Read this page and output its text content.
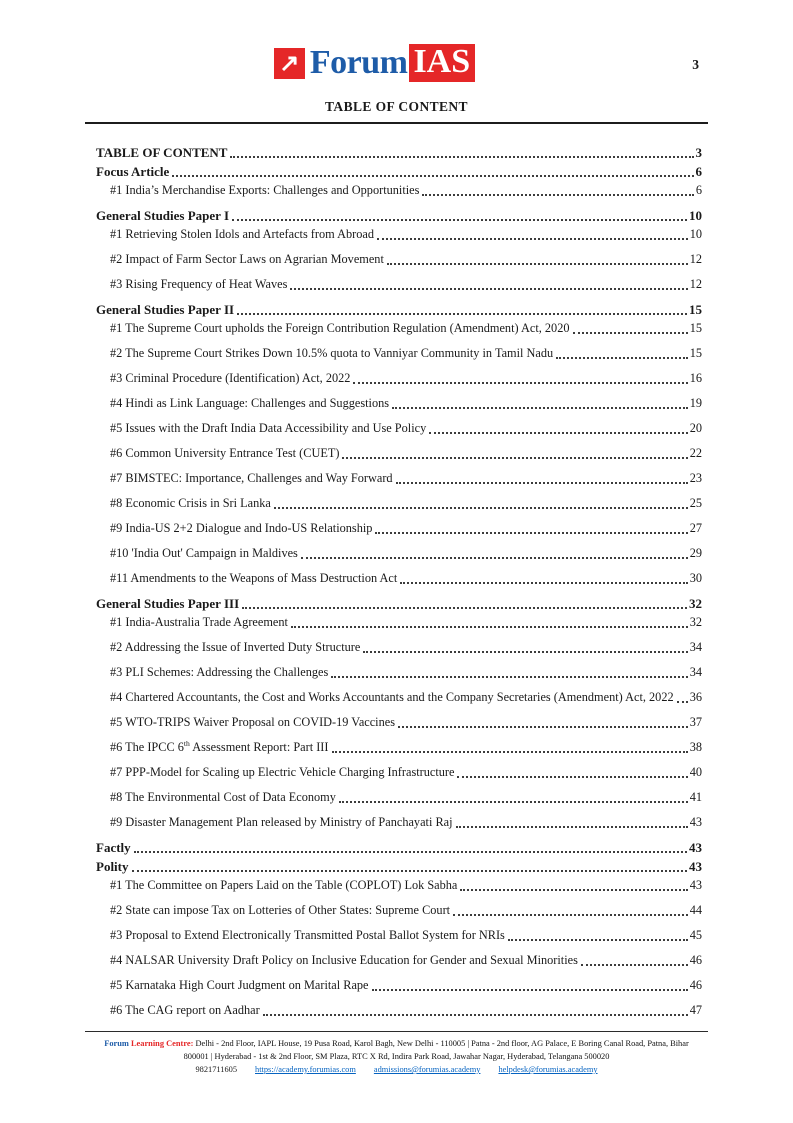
↗ Forum IAS	3
TABLE OF CONTENT
TABLE OF CONTENT	3
Focus Article	6
#1 India’s Merchandise Exports: Challenges and Opportunities	6
General Studies Paper I	10
#1 Retrieving Stolen Idols and Artefacts from Abroad	10
#2 Impact of Farm Sector Laws on Agrarian Movement	12
#3 Rising Frequency of Heat Waves	12
General Studies Paper II	15
#1 The Supreme Court upholds the Foreign Contribution Regulation (Amendment) Act, 2020	15
#2 The Supreme Court Strikes Down 10.5% quota to Vanniyar Community in Tamil Nadu	15
#3 Criminal Procedure (Identification) Act, 2022	16
#4 Hindi as Link Language: Challenges and Suggestions	19
#5 Issues with the Draft India Data Accessibility and Use Policy	20
#6 Common University Entrance Test (CUET)	22
#7 BIMSTEC: Importance, Challenges and Way Forward	23
#8 Economic Crisis in Sri Lanka	25
#9 India-US 2+2 Dialogue and Indo-US Relationship	27
#10 'India Out' Campaign in Maldives	29
#11 Amendments to the Weapons of Mass Destruction Act	30
General Studies Paper III	32
#1 India-Australia Trade Agreement	32
#2 Addressing the Issue of Inverted Duty Structure	34
#3 PLI Schemes: Addressing the Challenges	34
#4 Chartered Accountants, the Cost and Works Accountants and the Company Secretaries (Amendment) Act, 2022 36
#5 WTO-TRIPS Waiver Proposal on COVID-19 Vaccines	37
#6 The IPCC 6th Assessment Report: Part III	38
#7 PPP-Model for Scaling up Electric Vehicle Charging Infrastructure	40
#8 The Environmental Cost of Data Economy	41
#9 Disaster Management Plan released by Ministry of Panchayati Raj	43
Factly	43
Polity	43
#1 The Committee on Papers Laid on the Table (COPLOT) Lok Sabha	43
#2 State can impose Tax on Lotteries of Other States: Supreme Court	44
#3 Proposal to Extend Electronically Transmitted Postal Ballot System for NRIs	45
#4 NALSAR University Draft Policy on Inclusive Education for Gender and Sexual Minorities	46
#5 Karnataka High Court Judgment on Marital Rape	46
#6 The CAG report on Aadhar	47
Forum Learning Centre: Delhi - 2nd Floor, IAPL House, 19 Pusa Road, Karol Bagh, New Delhi - 110005 | Patna - 2nd floor, AG Palace, E Boring Canal Road, Patna, Bihar 800001 | Hyderabad - 1st & 2nd Floor, SM Plaza, RTC X Rd, Indira Park Road, Jawahar Nagar, Hyderabad, Telangana 500020
9821711605 https://academy.forumias.com admissions@forumias.academy helpdesk@forumias.academy
